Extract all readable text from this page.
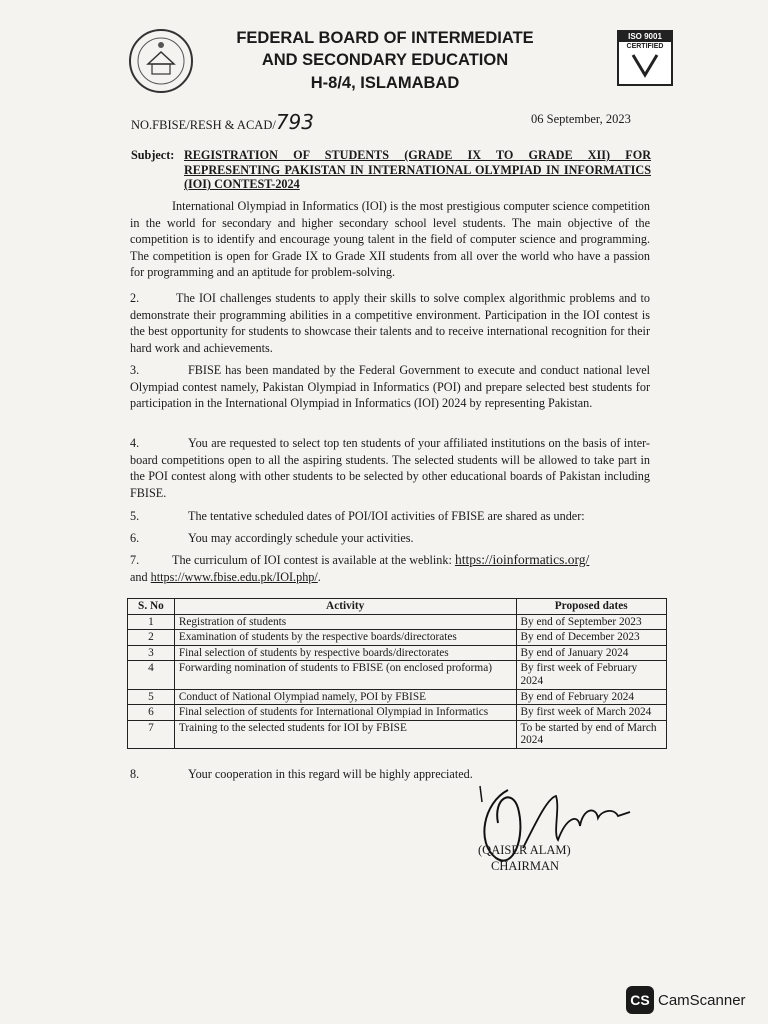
FEDERAL BOARD OF INTERMEDIATE
AND SECONDARY EDUCATION
H-8/4, ISLAMABAD
ISO 9001
CERTIFIED
NO.FBISE/RESH & ACAD/793	06 September, 2023
Subject: REGISTRATION OF STUDENTS (GRADE IX TO GRADE XII) FOR REPRESENTING PAKISTAN IN INTERNATIONAL OLYMPIAD IN INFORMATICS (IOI) CONTEST-2024

International Olympiad in Informatics (IOI) is the most prestigious computer science competition in the world for secondary and higher secondary school level students. The main objective of the competition is to identify and encourage young talent in the field of computer science and programming. The competition is open for Grade IX to Grade XII students from all over the world who have a passion for programming and an aptitude for problem-solving.

2.	The IOI challenges students to apply their skills to solve complex algorithmic problems and to demonstrate their programming abilities in a competitive environment. Participation in the IOI contest is the best opportunity for students to showcase their talents and to receive international recognition for their hard work and achievements.

3.	FBISE has been mandated by the Federal Government to execute and conduct national level Olympiad contest namely, Pakistan Olympiad in Informatics (POI) and prepare selected best students for participation in the International Olympiad in Informatics (IOI) 2024 by representing Pakistan.

4.	You are requested to select top ten students of your affiliated institutions on the basis of inter-board competitions open to all the aspiring students. The selected students will be allowed to take part in the POI contest along with other students to be selected by other educational boards of Pakistan including FBISE.

5.	The tentative scheduled dates of POI/IOI activities of FBISE are shared as under:

6.	You may accordingly schedule your activities.

7.	The curriculum of IOI contest is available at the weblink: https://ioinformatics.org/
and https://www.fbise.edu.pk/IOI.php/.

S. No	Activity	Proposed dates
1	Registration of students	By end of September 2023
2	Examination of students by the respective boards/directorates	By end of December 2023
3	Final selection of students by respective boards/directorates	By end of January 2024
4	Forwarding nomination of students to FBISE (on enclosed proforma)	By first week of February 2024
5	Conduct of National Olympiad namely, POI by FBISE	By end of February 2024
6	Final selection of students for International Olympiad in Informatics	By first week of March 2024
7	Training to the selected students for IOI by FBISE	To be started by end of March 2024

8.	Your cooperation in this regard will be highly appreciated.

(QAISER ALAM)
CHAIRMAN
CS CamScanner
